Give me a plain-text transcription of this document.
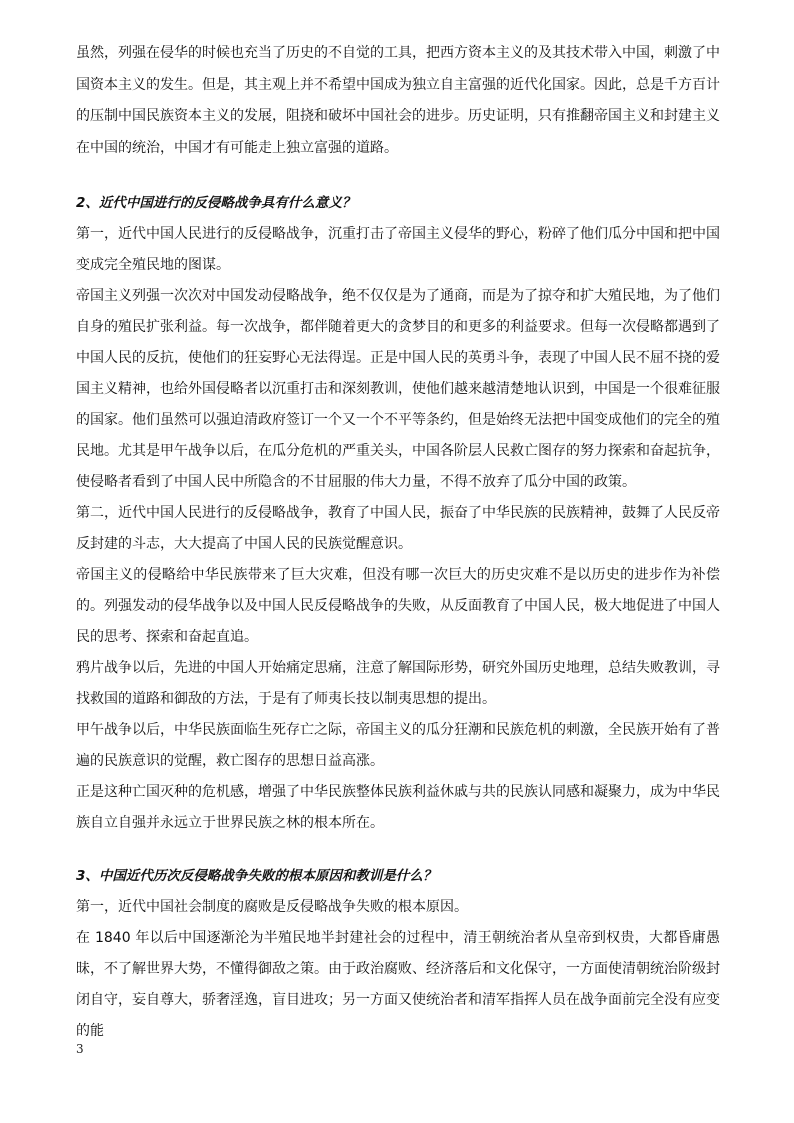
虽然，列强在侵华的时候也充当了历史的不自觉的工具，把西方资本主义的及其技术带入中国，刺激了中国资本主义的发生。但是，其主观上并不希望中国成为独立自主富强的近代化国家。因此，总是千方百计的压制中国民族资本主义的发展，阻挠和破坏中国社会的进步。历史证明，只有推翻帝国主义和封建主义在中国的统治，中国才有可能走上独立富强的道路。

2、近代中国进行的反侵略战争具有什么意义？

第一，近代中国人民进行的反侵略战争，沉重打击了帝国主义侵华的野心，粉碎了他们瓜分中国和把中国变成完全殖民地的图谋。

帝国主义列强一次次对中国发动侵略战争，绝不仅仅是为了通商，而是为了掠夺和扩大殖民地，为了他们自身的殖民扩张利益。每一次战争，都伴随着更大的贪梦目的和更多的利益要求。但每一次侵略都遇到了中国人民的反抗，使他们的狂妄野心无法得逞。正是中国人民的英勇斗争，表现了中国人民不屈不挠的爱国主义精神，也给外国侵略者以沉重打击和深刻教训，使他们越来越清楚地认识到，中国是一个很难征服的国家。他们虽然可以强迫清政府签订一个又一个不平等条约，但是始终无法把中国变成他们的完全的殖民地。尤其是甲午战争以后，在瓜分危机的严重关头，中国各阶层人民救亡图存的努力探索和奋起抗争，使侵略者看到了中国人民中所隐含的不甘屈服的伟大力量，不得不放弃了瓜分中国的政策。

第二，近代中国人民进行的反侵略战争，教育了中国人民，振奋了中华民族的民族精神，鼓舞了人民反帝反封建的斗志，大大提高了中国人民的民族觉醒意识。

帝国主义的侵略给中华民族带来了巨大灾难，但没有哪一次巨大的历史灾难不是以历史的进步作为补偿的。列强发动的侵华战争以及中国人民反侵略战争的失败，从反面教育了中国人民，极大地促进了中国人民的思考、探索和奋起直追。

鸦片战争以后，先进的中国人开始痛定思痛，注意了解国际形势，研究外国历史地理，总结失败教训，寻找救国的道路和御敌的方法，于是有了师夷长技以制夷思想的提出。

甲午战争以后，中华民族面临生死存亡之际，帝国主义的瓜分狂潮和民族危机的刺激，全民族开始有了普遍的民族意识的觉醒，救亡图存的思想日益高涨。

正是这种亡国灭种的危机感，增强了中华民族整体民族利益休戚与共的民族认同感和凝聚力，成为中华民族自立自强并永远立于世界民族之林的根本所在。

3、中国近代历次反侵略战争失败的根本原因和教训是什么？

第一，近代中国社会制度的腐败是反侵略战争失败的根本原因。

在 1840 年以后中国逐渐沦为半殖民地半封建社会的过程中，清王朝统治者从皇帝到权贵，大都昏庸愚昧，不了解世界大势，不懂得御敌之策。由于政治腐败、经济落后和文化保守，一方面使清朝统治阶级封闭自守，妄自尊大，骄奢淫逸，盲目进攻；另一方面又使统治者和清军指挥人员在战争面前完全没有应变的能

3
